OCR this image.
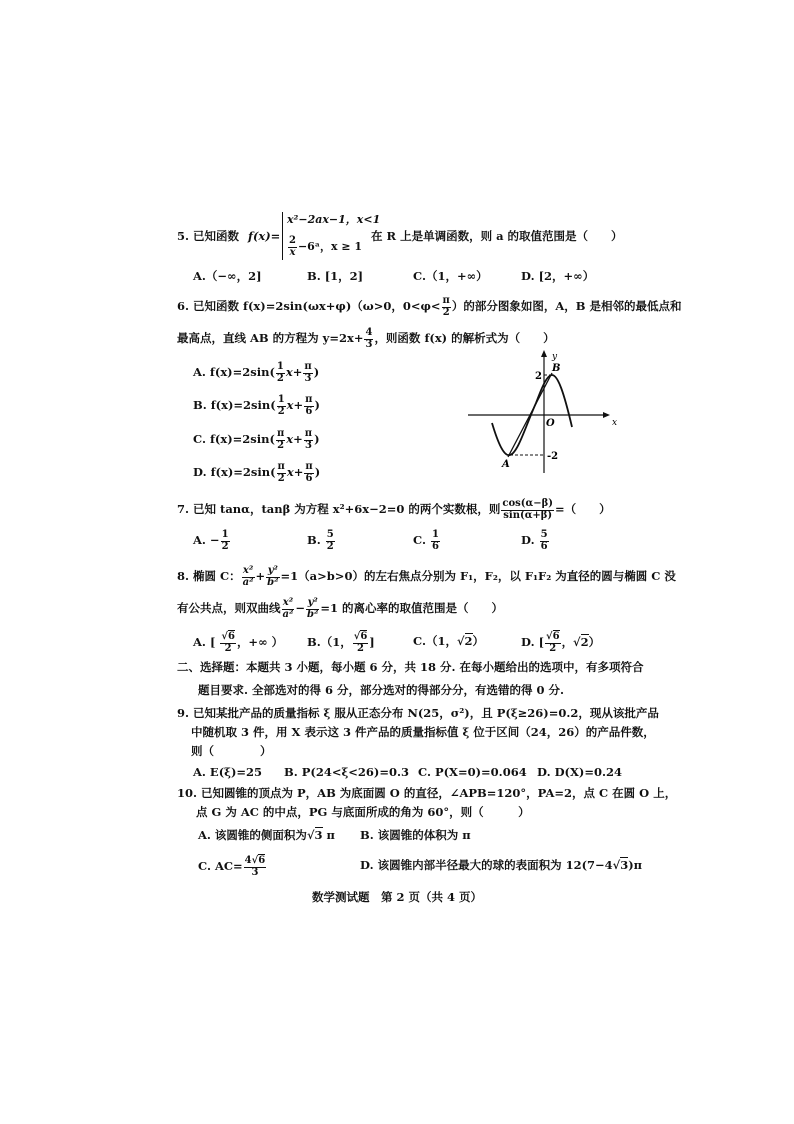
5. 已知函数 f(x)=
x²−2ax−1，x<1
$\frac{2}{x}$ −6ᵃ，x ≥ 1
在 R 上是单调函数，则 a 的取值范围是（　　）
A.（−∞，2]	B. [1，2]	C.（1，+∞）	D. [2，+∞）
6. 已知函数 f(x)=2sin(ωx+φ)（ω>0，$0<\varphi< \frac{\pi}{2}$ ）的部分图象如图，A，B 是相邻的最低点和
最高点，直线 AB 的方程为 $y=2x+ \frac{4}{3}$ ，则函数 f(x) 的解析式为（　　）
A. $f(x)=2\sin( \frac{1}{2} x+ \frac{\pi}{3}$ )
B. $f(x)=2\sin( \frac{1}{2} x+ \frac{\pi}{6}$ )
C. $f(x)=2\sin( \frac{\pi}{2} x+ \frac{\pi}{3}$ )
D. $f(x)=2\sin( \frac{\pi}{2} x+ \frac{\pi}{6}$ )
y
x
O
A
B
2
-2
7. 已知 tanα，tanβ 为方程 x²+6x−2=0 的两个实数根，则 $\frac{\cos(\alpha-\beta)}{\sin(\alpha+\beta)}$ =（　　）
A. − $\frac{1}{2}$	B. $\frac{5}{2}$	C. $\frac{1}{6}$	D. $\frac{5}{6}$
8. 椭圆 C： $\frac{\text{x²}}{\text{a²}} + \frac{\text{y²}}{\text{b²}} =1(a>b>0)$的左右焦点分别为 F₁，F₂，以 F₁F₂ 为直径的圆与椭圆 C 没
有公共点，则双曲线 $\frac{\text{x²}}{\text{a²}} - \frac{\text{y²}}{\text{b²}} =1$ 的离心率的取值范围是（　　）
A. [ $\frac{√6}{2}$ ，+∞ ） B.（1， $\frac{√6}{2}$ ]	C.（1，√2）	D. [ $\frac{√6}{2}$ ，√2）
二、选择题：本题共 3 小题，每小题 6 分，共 18 分. 在每小题给出的选项中，有多项符合
题目要求. 全部选对的得 6 分，部分选对的得部分分，有选错的得 0 分.
9. 已知某批产品的质量指标 ξ 服从正态分布 N(25，σ²)，且 P(ξ≥26)=0.2，现从该批产品
中随机取 3 件，用 X 表示这 3 件产品的质量指标值 ξ 位于区间（24，26）的产品件数，
则（　　　　）
A. E(ξ)=25 B. P(24<ξ<26)=0.3 C. P(X=0)=0.064 D. D(X)=0.24
10. 已知圆锥的顶点为 P，AB 为底面圆 O 的直径，∠APB=120°，PA=2，点 C 在圆 O 上，
点 G 为 AC 的中点，PG 与底面所成的角为 60°，则（　　　）
A. 该圆锥的侧面积为√3 π B. 该圆锥的体积为 π
C. $AC= \frac{4√6}{3}$	D. 该圆锥内部半径最大的球的表面积为 12(7−4√3)π
数学测试题　第 2 页（共 4 页）
